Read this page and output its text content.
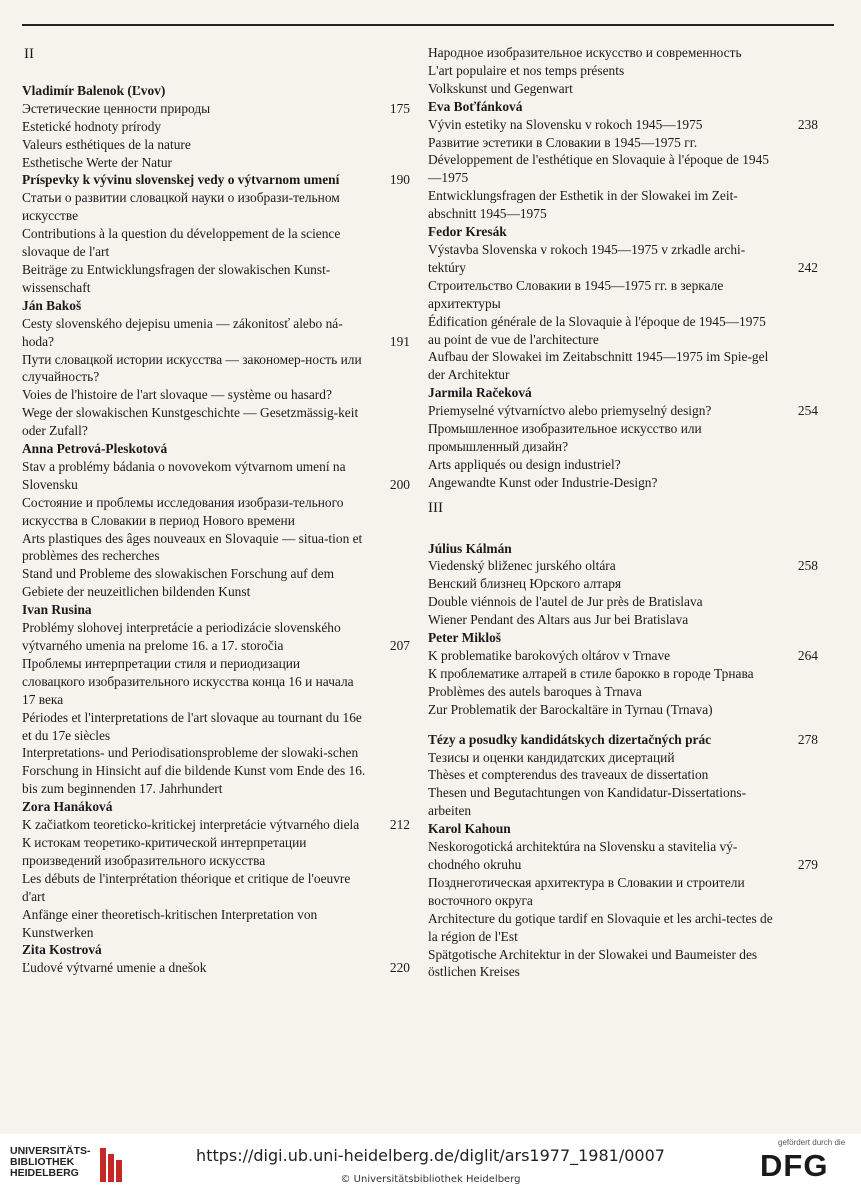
II
Vladimír Balenok (Ľvov)
Эстетические ценности природы	175
Estetické hodnoty prírody
Valeurs esthétiques de la nature
Esthetische Werte der Natur
Príspevky k vývinu slovenskej vedy o výtvarnom umení	190
Статьи о развитии словацкой науки о изобрази-тельном искусстве
Contributions à la question du développement de la science slovaque de l'art
Beiträge zu Entwicklungsfragen der slowakischen Kunst-wissenschaft
Ján Bakoš
Cesty slovenského dejepisu umenia — zákonitosť alebo ná-hoda?	191
Пути словацкой истории искусства — закономер-ность или случайность?
Voies de l'histoire de l'art slovaque — système ou hasard?
Wege der slowakischen Kunstgeschichte — Gesetzmässig-keit oder Zufall?
Anna Petrová-Pleskotová
Stav a problémy bádania o novovekom výtvarnom umení na Slovensku	200
Состояние и проблемы исследования изобрази-тельного искусства в Словакии в период Нового времени
Arts plastiques des âges nouveaux en Slovaquie — situa-tion et problèmes des recherches
Stand und Probleme des slowakischen Forschung auf dem Gebiete der neuzeitlichen bildenden Kunst
Ivan Rusina
Problémy slohovej interpretácie a periodizácie slovenského výtvarného umenia na prelome 16. a 17. storočia	207
Проблемы интерпретации стиля и периодизации словацкого изобразительного искусства конца 16 и начала 17 века
Périodes et l'interpretations de l'art slovaque au tournant du 16e et du 17e siècles
Interpretations- und Periodisationsprobleme der slowaki-schen Forschung in Hinsicht auf die bildende Kunst vom Ende des 16. bis zum beginnenden 17. Jahrhundert
Zora Hanáková
K začiatkom teoreticko-kritickej interpretácie výtvarného diela 212
К истокам теоретико-критической интерпретации произведений изобразительного искусства
Les débuts de l'interprétation théorique et critique de l'oeuvre d'art
Anfänge einer theoretisch-kritischen Interpretation von Kunstwerken
Zita Kostrová
Ľudové výtvarné umenie a dnešok	220
Народное изобразительное искусство и современность
L'art populaire et nos temps présents
Volkskunst und Gegenwart
Eva Boťfánková
Vývin estetiky na Slovensku v rokoch 1945—1975	238
Развитие эстетики в Словакии в 1945—1975 гг.
Développement de l'esthétique en Slovaquie à l'époque de 1945—1975
Entwicklungsfragen der Esthetik in der Slowakei im Zeit-abschnitt 1945—1975
Fedor Kresák
Výstavba Slovenska v rokoch 1945—1975 v zrkadle archi-tektúry	242
Строительство Словакии в 1945—1975 гг. в зеркале архитектуры
Édification générale de la Slovaquie à l'époque de 1945—1975 au point de vue de l'architecture
Aufbau der Slowakei im Zeitabschnitt 1945—1975 im Spie-gel der Architektur
Jarmila Račeková
Priemyselné výtvarníctvo alebo priemyselný design?	254
Промышленное изобразительное искусство или промышленный дизайн?
Arts appliqués ou design industriel?
Angewandte Kunst oder Industrie-Design?
III
Július Kálmán
Viedenský bliženec jurského oltára	258
Венский близнец Юрского алтаря
Double viénnois de l'autel de Jur près de Bratislava
Wiener Pendant des Altars aus Jur bei Bratislava
Peter Mikloš
K problematike barokových oltárov v Trnave	264
К проблематике алтарей в стиле барокко в городе Трнава
Problèmes des autels baroques à Trnava
Zur Problematik der Barockaltäre in Tyrnau (Trnava)
Tézy a posudky kandidátskych dizertačných prác	278
Тезисы и оценки кандидатских дисертаций
Thèses et compterendus des traveaux de dissertation
Thesen und Begutachtungen von Kandidatur-Dissertations-arbeiten
Karol Kahoun
Neskorogotická architektúra na Slovensku a stavitelia vý-chodného okruhu	279
Позднеготическая архитектура в Словакии и строители восточного округа
Architecture du gotique tardif en Slovaquie et les archi-tectes de la région de l'Est
Spätgotische Architektur in der Slowakei und Baumeister des östlichen Kreises
UNIVERSITÄTS- BIBLIOTHEK HEIDELBERG
https://digi.ub.uni-heidelberg.de/diglit/ars1977_1981/0007
© Universitätsbibliothek Heidelberg
gefördert durch die
DFG
